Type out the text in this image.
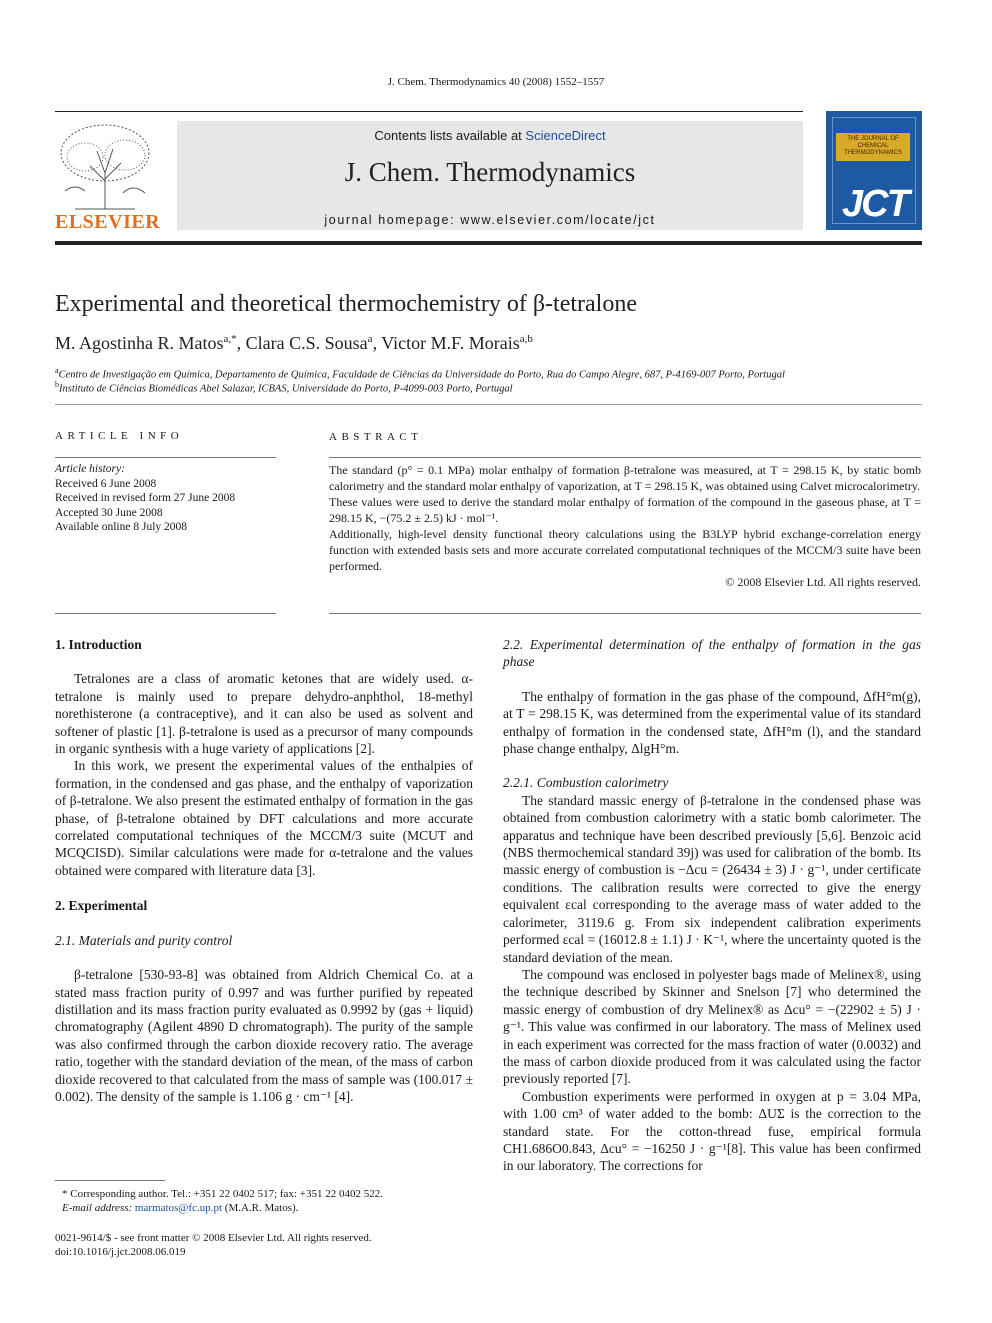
J. Chem. Thermodynamics 40 (2008) 1552–1557
ELSEVIER
Contents lists available at ScienceDirect
J. Chem. Thermodynamics
journal homepage: www.elsevier.com/locate/jct
THE JOURNAL OF CHEMICAL THERMODYNAMICS
JCT
Experimental and theoretical thermochemistry of β-tetralone
M. Agostinha R. Matos$^{a,*}$, Clara C.S. Sousa$^a$, Victor M.F. Morais$^{a,b}$
$^a$Centro de Investigação em Química, Departamento de Química, Faculdade de Ciências da Universidade do Porto, Rua do Campo Alegre, 687, P-4169-007 Porto, Portugal
$^b$Instituto de Ciências Biomédicas Abel Salazar, ICBAS, Universidade do Porto, P-4099-003 Porto, Portugal
ARTICLE INFO
Article history:
Received 6 June 2008
Received in revised form 27 June 2008
Accepted 30 June 2008
Available online 8 July 2008
ABSTRACT

The standard (p° = 0.1 MPa) molar enthalpy of formation β-tetralone was measured, at T = 298.15 K, by static bomb calorimetry and the standard molar enthalpy of vaporization, at T = 298.15 K, was obtained using Calvet microcalorimetry.

These values were used to derive the standard molar enthalpy of formation of the compound in the gaseous phase, at T = 298.15 K, −(75.2 ± 2.5) kJ · mol⁻¹.

Additionally, high-level density functional theory calculations using the B3LYP hybrid exchange-correlation energy function with extended basis sets and more accurate correlated computational techniques of the MCCM/3 suite have been performed.

© 2008 Elsevier Ltd. All rights reserved.

1. Introduction

Tetralones are a class of aromatic ketones that are widely used. α-tetralone is mainly used to prepare dehydro-anphthol, 18-methyl norethisterone (a contraceptive), and it can also be used as solvent and softener of plastic [1]. β-tetralone is used as a precursor of many compounds in organic synthesis with a huge variety of applications [2].

In this work, we present the experimental values of the enthalpies of formation, in the condensed and gas phase, and the enthalpy of vaporization of β-tetralone. We also present the estimated enthalpy of formation in the gas phase, of β-tetralone obtained by DFT calculations and more accurate correlated computational techniques of the MCCM/3 suite (MCUT and MCQCISD). Similar calculations were made for α-tetralone and the values obtained were compared with literature data [3].

2. Experimental
2.1. Materials and purity control

β-tetralone [530-93-8] was obtained from Aldrich Chemical Co. at a stated mass fraction purity of 0.997 and was further purified by repeated distillation and its mass fraction purity evaluated as 0.9992 by (gas + liquid) chromatography (Agilent 4890 D chromatograph). The purity of the sample was also confirmed through the carbon dioxide recovery ratio. The average ratio, together with the standard deviation of the mean, of the mass of carbon dioxide recovered to that calculated from the mass of sample was (100.017 ± 0.002). The density of the sample is 1.106 g · cm⁻¹ [4].

* Corresponding author. Tel.: +351 22 0402 517; fax: +351 22 0402 522.
E-mail address: marmatos@fc.up.pt (M.A.R. Matos).
0021-9614/$ - see front matter © 2008 Elsevier Ltd. All rights reserved.
doi:10.1016/j.jct.2008.06.019
2.2. Experimental determination of the enthalpy of formation in the gas phase

The enthalpy of formation in the gas phase of the compound, ΔfH°m(g), at T = 298.15 K, was determined from the experimental value of its standard enthalpy of formation in the condensed state, ΔfH°m (l), and the standard phase change enthalpy, ΔlgH°m.

2.2.1. Combustion calorimetry

The standard massic energy of β-tetralone in the condensed phase was obtained from combustion calorimetry with a static bomb calorimeter. The apparatus and technique have been described previously [5,6]. Benzoic acid (NBS thermochemical standard 39j) was used for calibration of the bomb. Its massic energy of combustion is −Δcu = (26434 ± 3) J · g⁻¹, under certificate conditions. The calibration results were corrected to give the energy equivalent εcal corresponding to the average mass of water added to the calorimeter, 3119.6 g. From six independent calibration experiments performed εcal = (16012.8 ± 1.1) J · K⁻¹, where the uncertainty quoted is the standard deviation of the mean.

The compound was enclosed in polyester bags made of Melinex®, using the technique described by Skinner and Snelson [7] who determined the massic energy of combustion of dry Melinex® as Δcu° = −(22902 ± 5) J · g⁻¹. This value was confirmed in our laboratory. The mass of Melinex used in each experiment was corrected for the mass fraction of water (0.0032) and the mass of carbon dioxide produced from it was calculated using the factor previously reported [7].

Combustion experiments were performed in oxygen at p = 3.04 MPa, with 1.00 cm³ of water added to the bomb: ΔUΣ is the correction to the standard state. For the cotton-thread fuse, empirical formula CH1.686O0.843, Δcu° = −16250 J · g⁻¹[8]. This value has been confirmed in our laboratory. The corrections for
